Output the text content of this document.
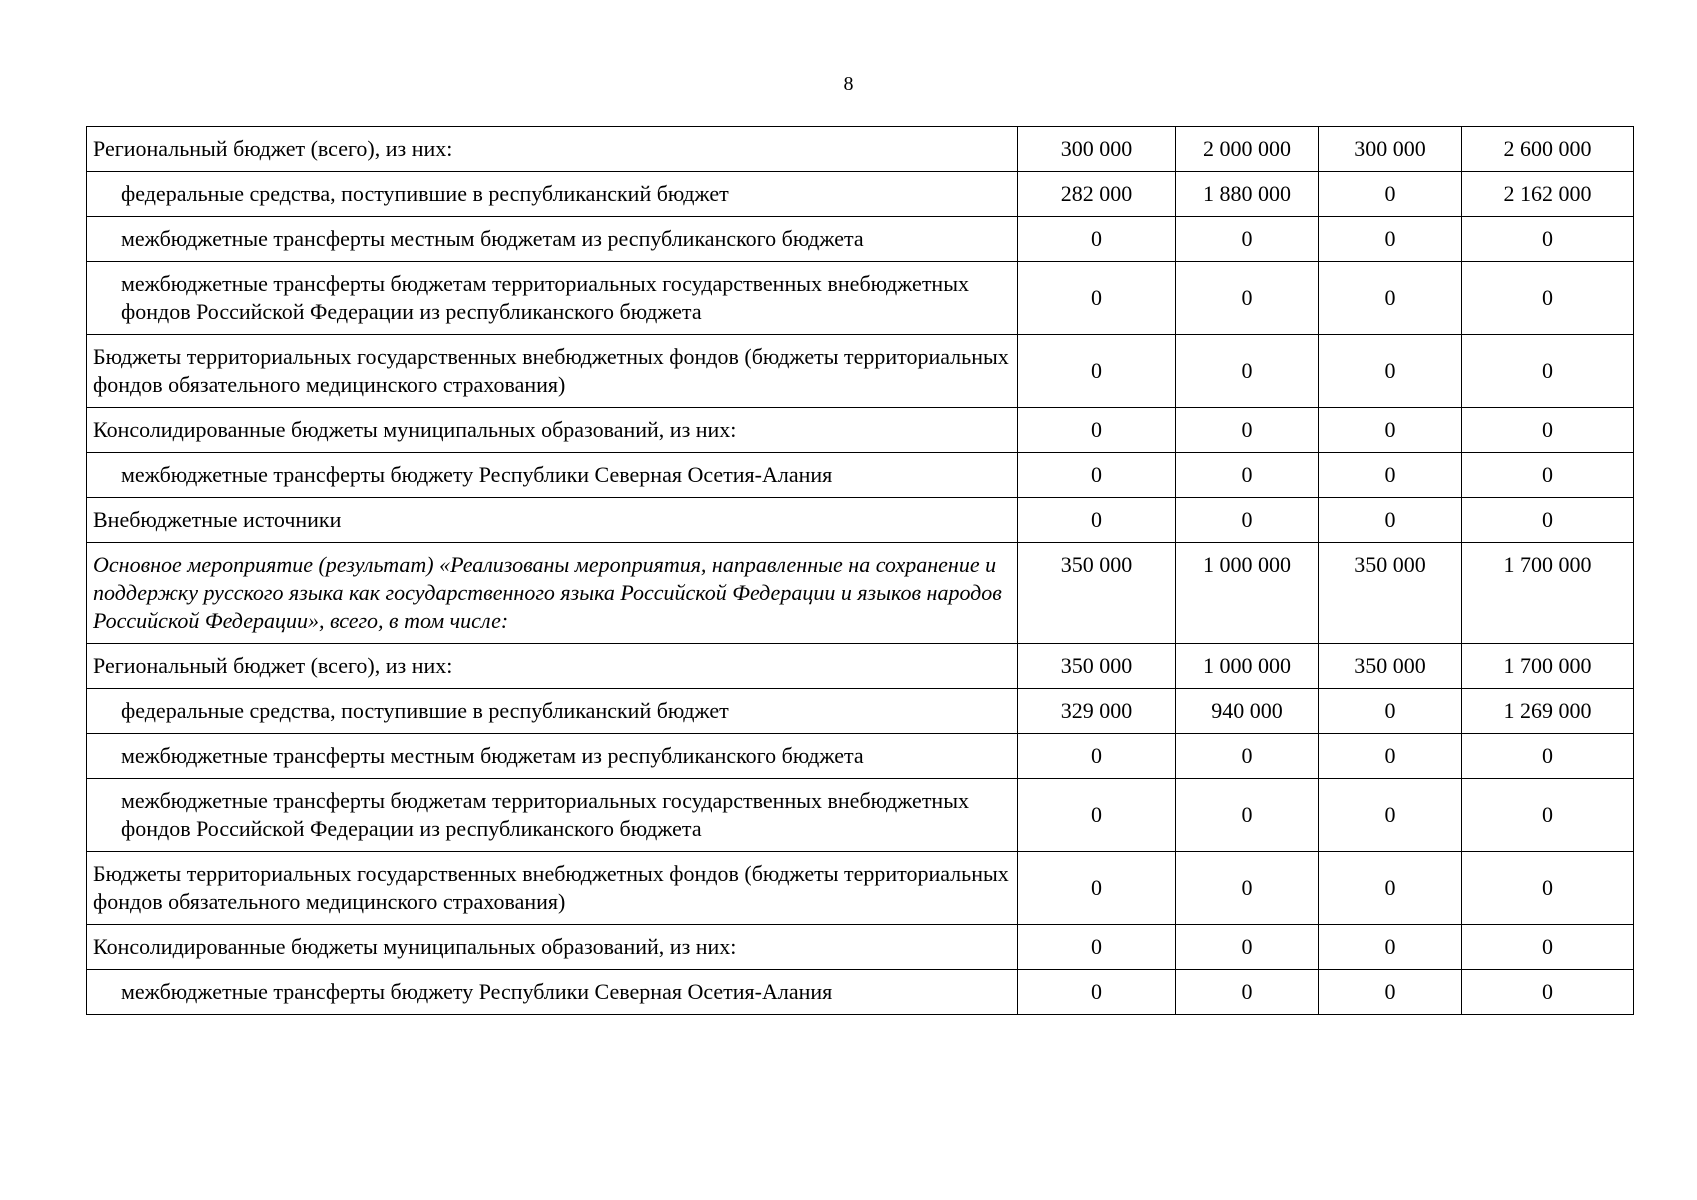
8
Региональный бюджет (всего), из них:	300 000	2 000 000	300 000	2 600 000
федеральные средства, поступившие в республиканский бюджет	282 000	1 880 000	0	2 162 000
межбюджетные трансферты местным бюджетам из республиканского бюджета	0	0	0	0
межбюджетные трансферты бюджетам территориальных государственных внебюджетных фондов Российской Федерации из республиканского бюджета	0	0	0	0
Бюджеты территориальных государственных внебюджетных фондов (бюджеты территориальных фондов обязательного медицинского страхования)	0	0	0	0
Консолидированные бюджеты муниципальных образований, из них:	0	0	0	0
межбюджетные трансферты бюджету Республики Северная Осетия-Алания	0	0	0	0
Внебюджетные источники	0	0	0	0
Основное мероприятие (результат) «Реализованы мероприятия, направленные на сохранение и поддержку русского языка как государственного языка Российской Федерации и языков народов Российской Федерации», всего, в том числе:	350 000	1 000 000	350 000	1 700 000
Региональный бюджет (всего), из них:	350 000	1 000 000	350 000	1 700 000
федеральные средства, поступившие в республиканский бюджет	329 000	940 000	0	1 269 000
межбюджетные трансферты местным бюджетам из республиканского бюджета	0	0	0	0
межбюджетные трансферты бюджетам территориальных государственных внебюджетных фондов Российской Федерации из республиканского бюджета	0	0	0	0
Бюджеты территориальных государственных внебюджетных фондов (бюджеты территориальных фондов обязательного медицинского страхования)	0	0	0	0
Консолидированные бюджеты муниципальных образований, из них:	0	0	0	0
межбюджетные трансферты бюджету Республики Северная Осетия-Алания	0	0	0	0
